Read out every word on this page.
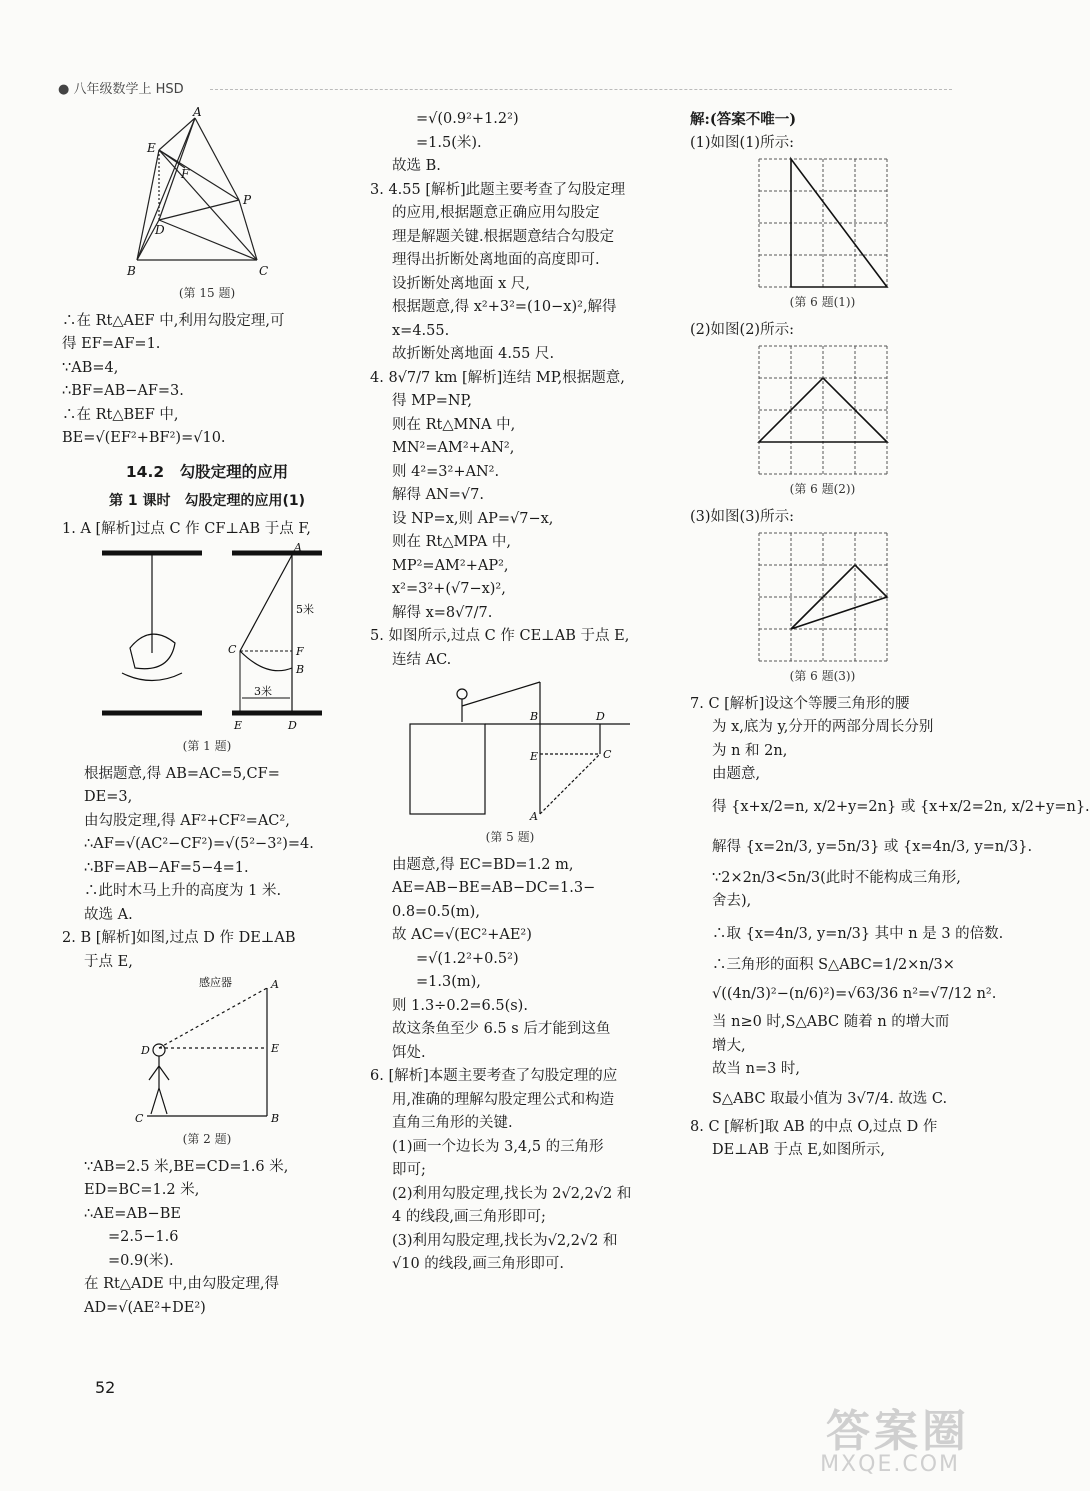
● 八年级数学上 HSD
A
E
F
P
D
B	C
(第 15 题)

∴在 Rt△AEF 中,利用勾股定理,可

得 EF=AF=1.

∵AB=4,

∴BF=AB−AF=3.

∴在 Rt△BEF 中,

BE=√(EF²+BF²)=√10.

14.2　勾股定理的应用
第 1 课时　勾股定理的应用(1)

1. A [解析]过点 C 作 CF⊥AB 于点 F,

A
5米
C	F
B
E	D
3米
(第 1 题)

根据题意,得 AB=AC=5,CF=

DE=3,

由勾股定理,得 AF²+CF²=AC²,

∴AF=√(AC²−CF²)=√(5²−3²)=4.

∴BF=AB−AF=5−4=1.

∴此时木马上升的高度为 1 米.

故选 A.

2. B [解析]如图,过点 D 作 DE⊥AB

于点 E,

感应器	A
D	E
C	B
(第 2 题)

∵AB=2.5 米,BE=CD=1.6 米,

ED=BC=1.2 米,

∴AE=AB−BE

=2.5−1.6

=0.9(米).

在 Rt△ADE 中,由勾股定理,得

AD=√(AE²+DE²)

=√(0.9²+1.2²)

=1.5(米).

故选 B.

3. 4.55 [解析]此题主要考查了勾股定理

的应用,根据题意正确应用勾股定

理是解题关键.根据题意结合勾股定

理得出折断处离地面的高度即可.

设折断处离地面 x 尺,

根据题意,得 x²+3²=(10−x)²,解得

x=4.55.

故折断处离地面 4.55 尺.

4. 8√7/7 km [解析]连结 MP,根据题意,

得 MP=NP,

则在 Rt△MNA 中,

MN²=AM²+AN²,

则 4²=3²+AN².

解得 AN=√7.

设 NP=x,则 AP=√7−x,

则在 Rt△MPA 中,

MP²=AM²+AP²,

x²=3²+(√7−x)²,

解得 x=8√7/7.

5. 如图所示,过点 C 作 CE⊥AB 于点 E,

连结 AC.

B	D
E	C
A
(第 5 题)

由题意,得 EC=BD=1.2 m,

AE=AB−BE=AB−DC=1.3−

0.8=0.5(m),

故 AC=√(EC²+AE²)

=√(1.2²+0.5²)

=1.3(m),

则 1.3÷0.2=6.5(s).

故这条鱼至少 6.5 s 后才能到这鱼

饵处.

6. [解析]本题主要考查了勾股定理的应

用,准确的理解勾股定理公式和构造

直角三角形的关键.

(1)画一个边长为 3,4,5 的三角形

即可;

(2)利用勾股定理,找长为 2√2,2√2 和

4 的线段,画三角形即可;

(3)利用勾股定理,找长为√2,2√2 和

√10 的线段,画三角形即可.

解:(答案不唯一)

(1)如图(1)所示:

(第 6 题(1))

(2)如图(2)所示:

(第 6 题(2))

(3)如图(3)所示:

(第 6 题(3))

7. C [解析]设这个等腰三角形的腰

为 x,底为 y,分开的两部分周长分别

为 n 和 2n,

由题意,

得 {x+x/2=n, x/2+y=2n} 或 {x+x/2=2n, x/2+y=n}.

解得 {x=2n/3, y=5n/3} 或 {x=4n/3, y=n/3}.

∵2×2n/3<5n/3(此时不能构成三角形,

舍去),

∴取 {x=4n/3, y=n/3} 其中 n 是 3 的倍数.

∴三角形的面积 S△ABC=1/2×n/3×

√((4n/3)²−(n/6)²)=√63/36 n²=√7/12 n².

当 n≥0 时,S△ABC 随着 n 的增大而

增大,

故当 n=3 时,

S△ABC 取最小值为 3√7/4. 故选 C.

8. C [解析]取 AB 的中点 O,过点 D 作

DE⊥AB 于点 E,如图所示,

52
答案圈
MXQE.COM
